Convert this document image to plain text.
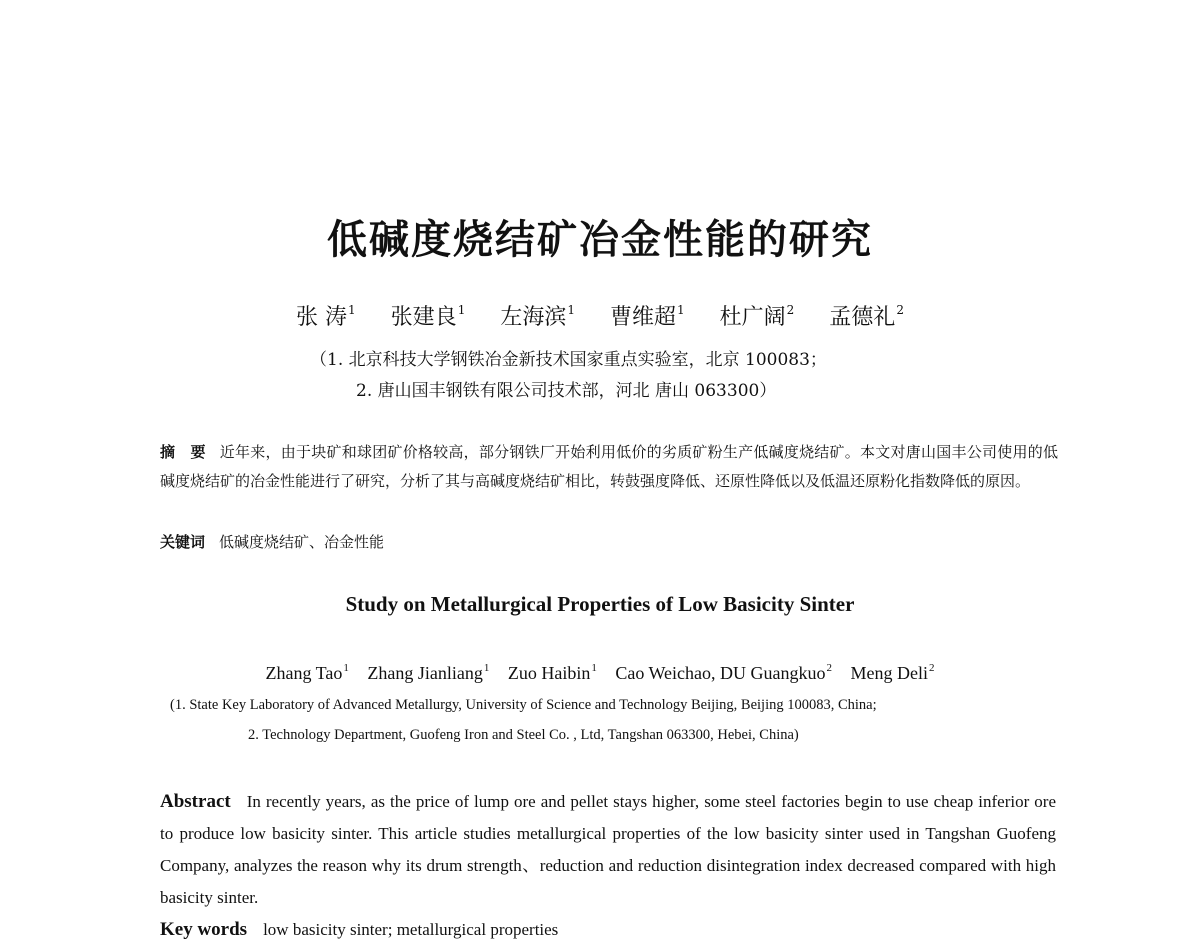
低碱度烧结矿冶金性能的研究
张 涛$^1$ 张建良$^1$ 左海滨$^1$ 曹维超$^1$ 杜广阔$^2$ 孟德礼$^2$
（1. 北京科技大学钢铁冶金新技术国家重点实验室，北京 100083；
2. 唐山国丰钢铁有限公司技术部，河北 唐山 063300）
摘　要 近年来，由于块矿和球团矿价格较高，部分钢铁厂开始利用低价的劣质矿粉生产低碱度烧结矿。本文对唐山国丰公司使用的低碱度烧结矿的冶金性能进行了研究，分析了其与高碱度烧结矿相比，转鼓强度降低、还原性降低以及低温还原粉化指数降低的原因。
关键词 低碱度烧结矿、冶金性能
Study on Metallurgical Properties of Low Basicity Sinter
Zhang Tao$^1$ Zhang Jianliang$^1$ Zuo Haibin$^1$ Cao Weichao, DU Guangkuo$^2$ Meng Deli$^2$
(1. State Key Laboratory of Advanced Metallurgy, University of Science and Technology Beijing, Beijing 100083, China;
2. Technology Department, Guofeng Iron and Steel Co. , Ltd, Tangshan 063300, Hebei, China)
Abstract In recently years, as the price of lump ore and pellet stays higher, some steel factories begin to use cheap inferior ore to produce low basicity sinter. This article studies metallurgical properties of the low basicity sinter used in Tangshan Guofeng Company, analyzes the reason why its drum strength、reduction and reduction disintegration index decreased compared with high basicity sinter.
Key words low basicity sinter; metallurgical properties
